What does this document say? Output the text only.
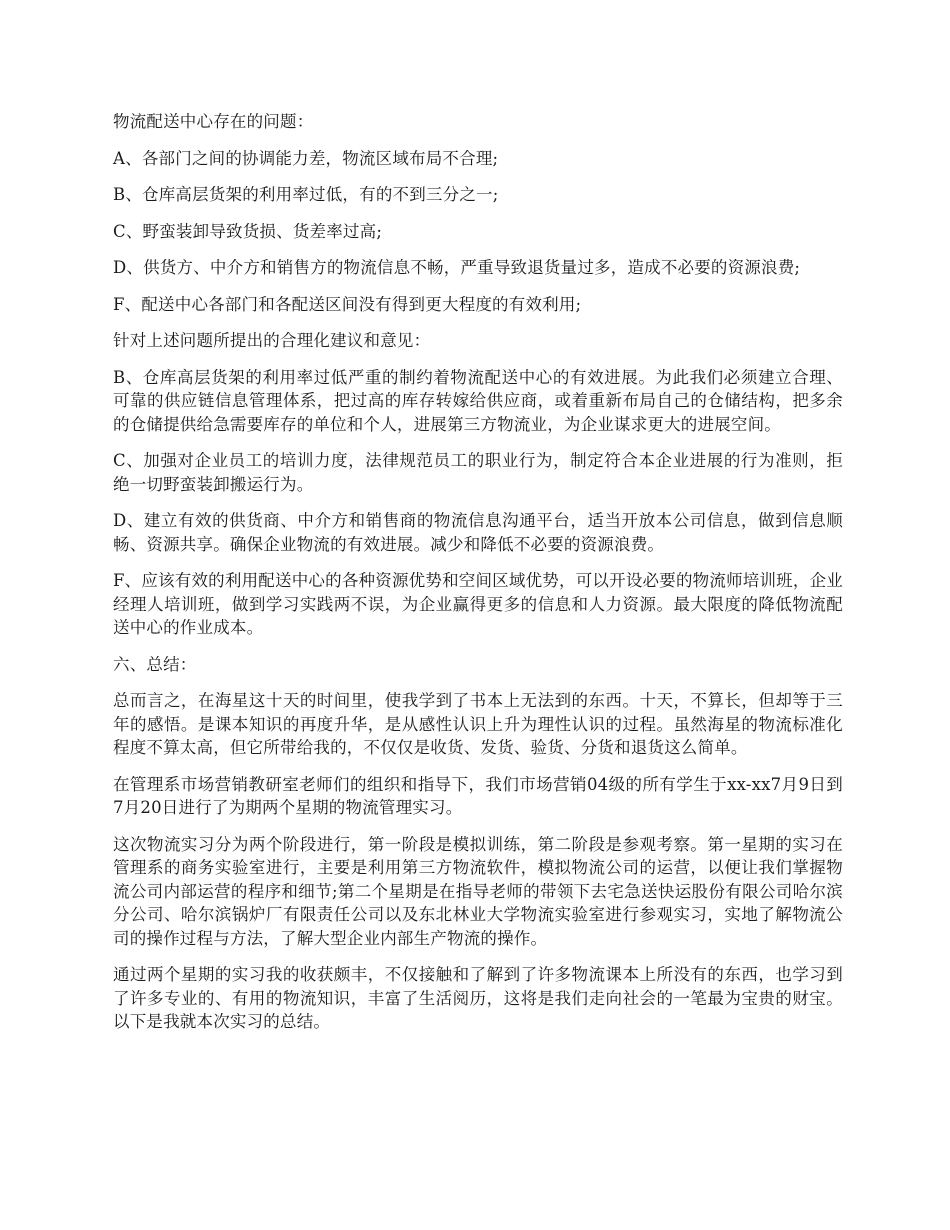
物流配送中心存在的问题：

A、各部门之间的协调能力差，物流区域布局不合理;

B、仓库高层货架的利用率过低，有的不到三分之一;

C、野蛮装卸导致货损、货差率过高;

D、供货方、中介方和销售方的物流信息不畅，严重导致退货量过多，造成不必要的资源浪费;

F、配送中心各部门和各配送区间没有得到更大程度的有效利用;

针对上述问题所提出的合理化建议和意见：

B、仓库高层货架的利用率过低严重的制约着物流配送中心的有效进展。为此我们必须建立合理、可靠的供应链信息管理体系，把过高的库存转嫁给供应商，或着重新布局自己的仓储结构，把多余的仓储提供给急需要库存的单位和个人，进展第三方物流业，为企业谋求更大的进展空间。

C、加强对企业员工的培训力度，法律规范员工的职业行为，制定符合本企业进展的行为准则，拒绝一切野蛮装卸搬运行为。

D、建立有效的供货商、中介方和销售商的物流信息沟通平台，适当开放本公司信息，做到信息顺畅、资源共享。确保企业物流的有效进展。减少和降低不必要的资源浪费。

F、应该有效的利用配送中心的各种资源优势和空间区域优势，可以开设必要的物流师培训班，企业经理人培训班，做到学习实践两不误，为企业赢得更多的信息和人力资源。最大限度的降低物流配送中心的作业成本。

六、总结：

总而言之，在海星这十天的时间里，使我学到了书本上无法到的东西。十天，不算长，但却等于三年的感悟。是课本知识的再度升华，是从感性认识上升为理性认识的过程。虽然海星的物流标准化程度不算太高，但它所带给我的，不仅仅是收货、发货、验货、分货和退货这么简单。

在管理系市场营销教研室老师们的组织和指导下，我们市场营销04级的所有学生于xx-xx7月9日到7月20日进行了为期两个星期的物流管理实习。

这次物流实习分为两个阶段进行，第一阶段是模拟训练，第二阶段是参观考察。第一星期的实习在管理系的商务实验室进行，主要是利用第三方物流软件，模拟物流公司的运营，以便让我们掌握物流公司内部运营的程序和细节;第二个星期是在指导老师的带领下去宅急送快运股份有限公司哈尔滨分公司、哈尔滨锅炉厂有限责任公司以及东北林业大学物流实验室进行参观实习，实地了解物流公司的操作过程与方法，了解大型企业内部生产物流的操作。

通过两个星期的实习我的收获颇丰，不仅接触和了解到了许多物流课本上所没有的东西，也学习到了许多专业的、有用的物流知识，丰富了生活阅历，这将是我们走向社会的一笔最为宝贵的财宝。以下是我就本次实习的总结。
